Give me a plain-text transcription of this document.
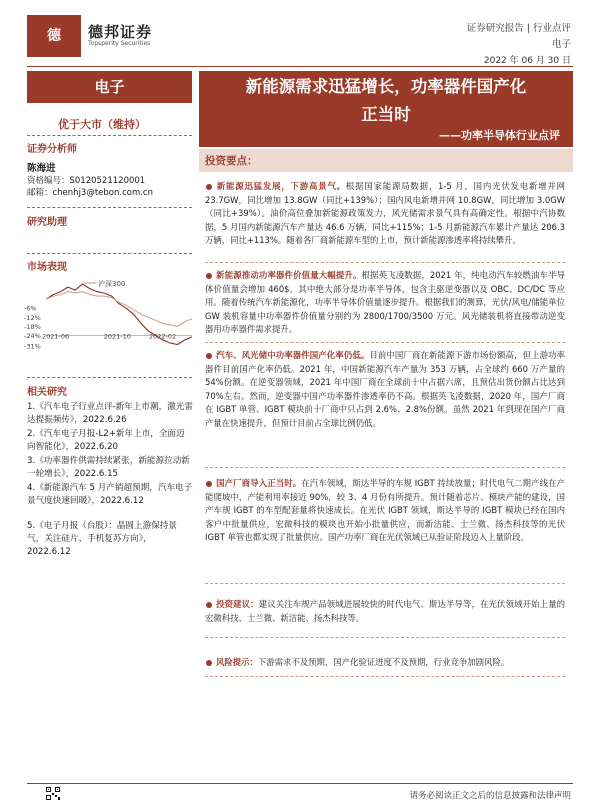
德	德邦证券
Topsperity Securities
证券研究报告 | 行业点评
电子
2022 年 06 月 30 日
电子
优于大市（维持）
证券分析师
陈海进
资格编号：S0120521120001
邮箱：chenhj3@tebon.com.cn
研究助理
市场表现
-6%
-12%
-18%
-24%
-31%
2021-06	2021-10	2022-02
沪深300
相关研究
1.《汽车电子行业点评-新年上市潮，激光雷达提振频传》，2022.6.26
2.《汽车电子月报-L2+新年上市，全面迈向智能化》，2022.6.20
3.《功率器件供需持续紧张，新能源拉动新一轮增长》，2022.6.15
4.《新能源汽车 5 月产销超预期，汽车电子景气度快速回暖》，2022.6.12
5.《电子月报（台股）：晶圆上游保持景气，关注硅片、手机复苏方向》，2022.6.12
新能源需求迅猛增长，功率器件国产化
正当时
——功率半导体行业点评
投资要点：
新能源迅猛发展，下游高景气。根据国家能源局数据，1-5 月，国内光伏发电新增并网 23.7GW，同比增加 13.8GW（同比+139%）；国内风电新增并网 10.8GW，同比增加 3.0GW（同比+39%）。油价高位叠加新能源政策发力，风光储需求景气具有高确定性。根据中汽协数据，5 月国内新能源汽车产量达 46.6 万辆，同比+115%；1-5 月新能源汽车累计产量达 206.3 万辆，同比+113%。随着各厂商新能源车型的上市，预计新能源渗透率将持续攀升。
新能源推动功率器件价值量大幅提升。根据英飞凌数据，2021 年，纯电动汽车较燃油车半导体价值量会增加 460$，其中绝大部分是功率半导体，包含主驱逆变器以及 OBC、DC/DC 等应用。随着传统汽车新能源化，功率半导体价值量逐步提升。根据我们的测算，光伏/风电/储能单位 GW 装机容量中功率器件价值量分别约为 2800/1700/3500 万元。风光储装机将直接带动逆变器用功率器件需求提升。
汽车、风光储中功率器件国产化率仍低。目前中国厂商在新能源下游市场份额高，但上游功率器件目前国产化率仍低。2021 年，中国新能源汽车产量为 353 万辆，占全球约 660 万产量的 54%份额。在逆变器领域，2021 年中国厂商在全球前十中占据六席，且预估出货份额占比达到 70%左右。然而，逆变器中国产功率器件渗透率仍不高。根据英飞凌数据，2020 年，国产厂商在 IGBT 单管、IGBT 模块前十厂商中只占到 2.6%、2.8%份额。虽然 2021 年到现在国产厂商产量在快速提升，但预计目前占全球比例仍低。
国产厂商导入正当时。在汽车领域，斯达半导的车规 IGBT 持续放量；时代电气二期产线在产能爬坡中，产能利用率接近 90%，较 3、4 月份有所提升。预计随着芯片、模块产能的建设，国产车规 IGBT 的车型配套量将快速成长。在光伏 IGBT 领域，斯达半导的 IGBT 模块已经在国内客户中批量供应，宏微科技的模块也开始小批量供应，而新洁能、士兰微、扬杰科技等的光伏 IGBT 单管也都实现了批量供应。国产功率厂商在光伏领域已从验证阶段迈入上量阶段。
投资建议：建议关注车规产品领域进展较快的时代电气、斯达半导等，在光伏领域开始上量的宏微科技、士兰微、新洁能、扬杰科技等。
风险提示：下游需求不及预期，国产化验证进度不及预期，行业竞争加剧风险。
请务必阅读正文之后的信息披露和法律声明
